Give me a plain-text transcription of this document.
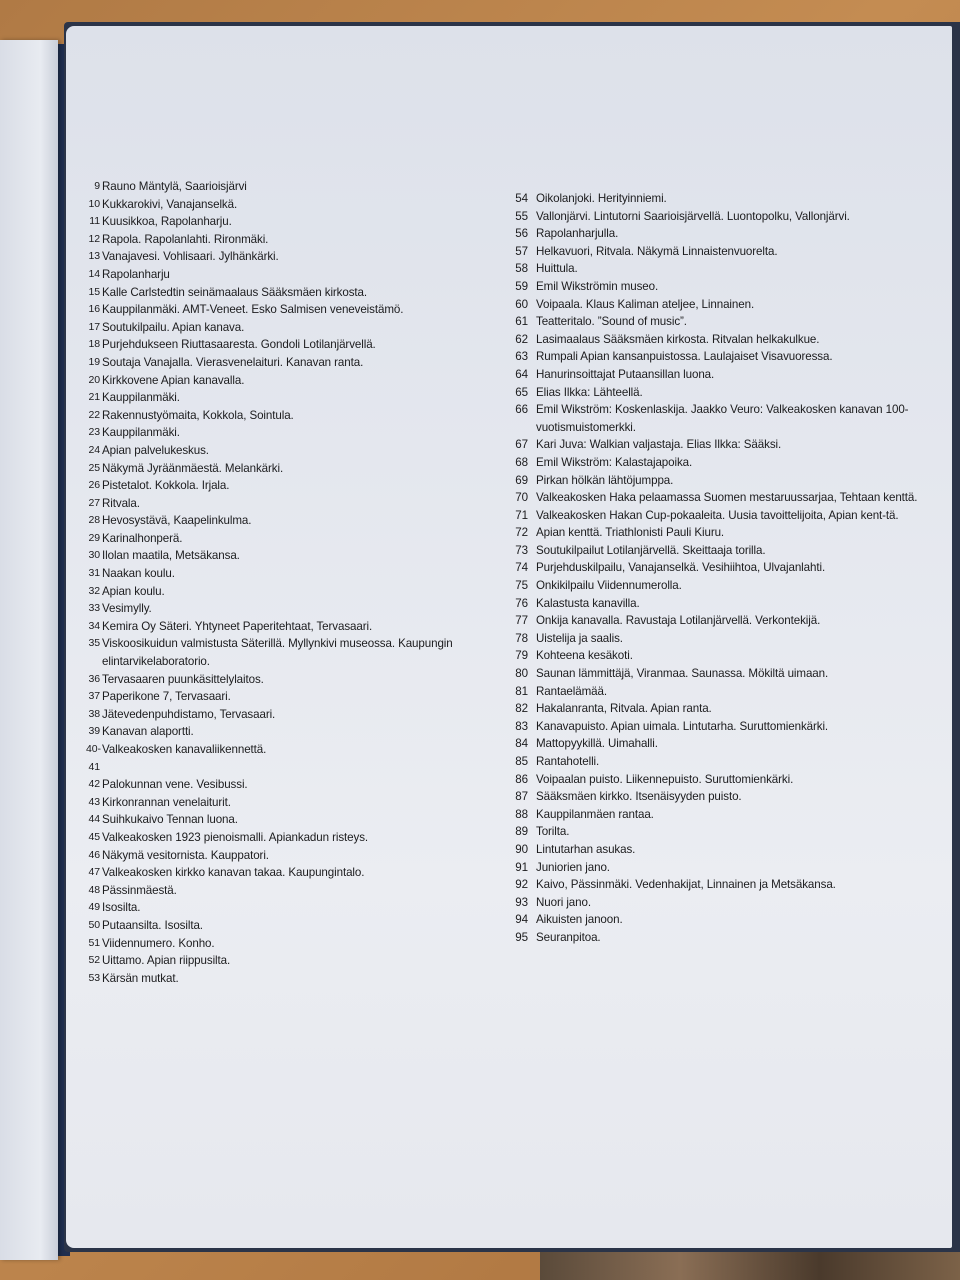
9 Rauno Mäntylä, Saarioisjärvi
10 Kukkarokivi, Vanajanselkä.
11 Kuusikkoa, Rapolanharju.
12 Rapola. Rapolanlahti. Rironmäki.
13 Vanajavesi. Vohlisaari. Jylhänkärki.
14 Rapolanharju
15 Kalle Carlstedtin seinämaalaus Sääksmäen kirkosta.
16 Kauppilanmäki. AMT-Veneet. Esko Salmisen veneveistämö.
17 Soutukilpailu. Apian kanava.
18 Purjehdukseen Riuttasaaresta. Gondoli Lotilanjärvellä.
19 Soutaja Vanajalla. Vierasvenelaituri. Kanavan ranta.
20 Kirkkovene Apian kanavalla.
21 Kauppilanmäki.
22 Rakennustyömaita, Kokkola, Sointula.
23 Kauppilanmäki.
24 Apian palvelukeskus.
25 Näkymä Jyräänmäestä. Melankärki.
26 Pistetalot. Kokkola. Irjala.
27 Ritvala.
28 Hevosystävä, Kaapelinkulma.
29 Karinalhonperä.
30 Ilolan maatila, Metsäkansa.
31 Naakan koulu.
32 Apian koulu.
33 Vesimylly.
34 Kemira Oy Säteri. Yhtyneet Paperitehtaat, Tervasaari.
35 Viskoosikuidun valmistusta Säterillä. Myllynkivi museossa. Kaupungin elintarvikelaboratorio.
36 Tervasaaren puunkäsittelylaitos.
37 Paperikone 7, Tervasaari.
38 Jätevedenpuhdistamo, Tervasaari.
39 Kanavan alaportti.
40-41
Valkeakosken kanavaliikennettä.
42 Palokunnan vene. Vesibussi.
43 Kirkonrannan venelaiturit.
44 Suihkukaivo Tennan luona.
45 Valkeakosken 1923 pienoismalli. Apiankadun risteys.
46 Näkymä vesitornista. Kauppatori.
47 Valkeakosken kirkko kanavan takaa. Kaupungintalo.
48 Pässinmäestä.
49 Isosilta.
50 Putaansilta. Isosilta.
51 Viidennumero. Konho.
52 Uittamo. Apian riippusilta.
53 Kärsän mutkat.
54 Oikolanjoki. Herityinniemi.
55 Vallonjärvi. Lintutorni Saarioisjärvellä. Luontopolku, Vallonjärvi.
56 Rapolanharjulla.
57 Helkavuori, Ritvala. Näkymä Linnaistenvuorelta.
58 Huittula.
59 Emil Wikströmin museo.
60 Voipaala. Klaus Kaliman ateljee, Linnainen.
61 Teatteritalo. ”Sound of music”.
62 Lasimaalaus Sääksmäen kirkosta. Ritvalan helkakulkue.
63 Rumpali Apian kansanpuistossa. Laulajaiset Visavuoressa.
64 Hanurinsoittajat Putaansillan luona.
65 Elias Ilkka: Lähteellä.
66 Emil Wikström: Koskenlaskija. Jaakko Veuro: Valkeakosken kanavan 100-vuotismuistomerkki.
67 Kari Juva: Walkian valjastaja. Elias Ilkka: Sääksi.
68 Emil Wikström: Kalastajapoika.
69 Pirkan hölkän lähtöjumppa.
70 Valkeakosken Haka pelaamassa Suomen mestaruussarjaa, Tehtaan kenttä.
71 Valkeakosken Hakan Cup-pokaaleita. Uusia tavoittelijoita, Apian kent-tä.
72 Apian kenttä. Triathlonisti Pauli Kiuru.
73 Soutukilpailut Lotilanjärvellä. Skeittaaja torilla.
74 Purjehduskilpailu, Vanajanselkä. Vesihiihtoa, Ulvajanlahti.
75 Onkikilpailu Viidennumerolla.
76 Kalastusta kanavilla.
77 Onkija kanavalla. Ravustaja Lotilanjärvellä. Verkontekijä.
78 Uistelija ja saalis.
79 Kohteena kesäkoti.
80 Saunan lämmittäjä, Viranmaa. Saunassa. Mökiltä uimaan.
81 Rantaelämää.
82 Hakalanranta, Ritvala. Apian ranta.
83 Kanavapuisto. Apian uimala. Lintutarha. Suruttomienkärki.
84 Mattopyykillä. Uimahalli.
85 Rantahotelli.
86 Voipaalan puisto. Liikennepuisto. Suruttomienkärki.
87 Sääksmäen kirkko. Itsenäisyyden puisto.
88 Kauppilanmäen rantaa.
89 Torilta.
90 Lintutarhan asukas.
91 Juniorien jano.
92 Kaivo, Pässinmäki. Vedenhakijat, Linnainen ja Metsäkansa.
93 Nuori jano.
94 Aikuisten janoon.
95 Seuranpitoa.
